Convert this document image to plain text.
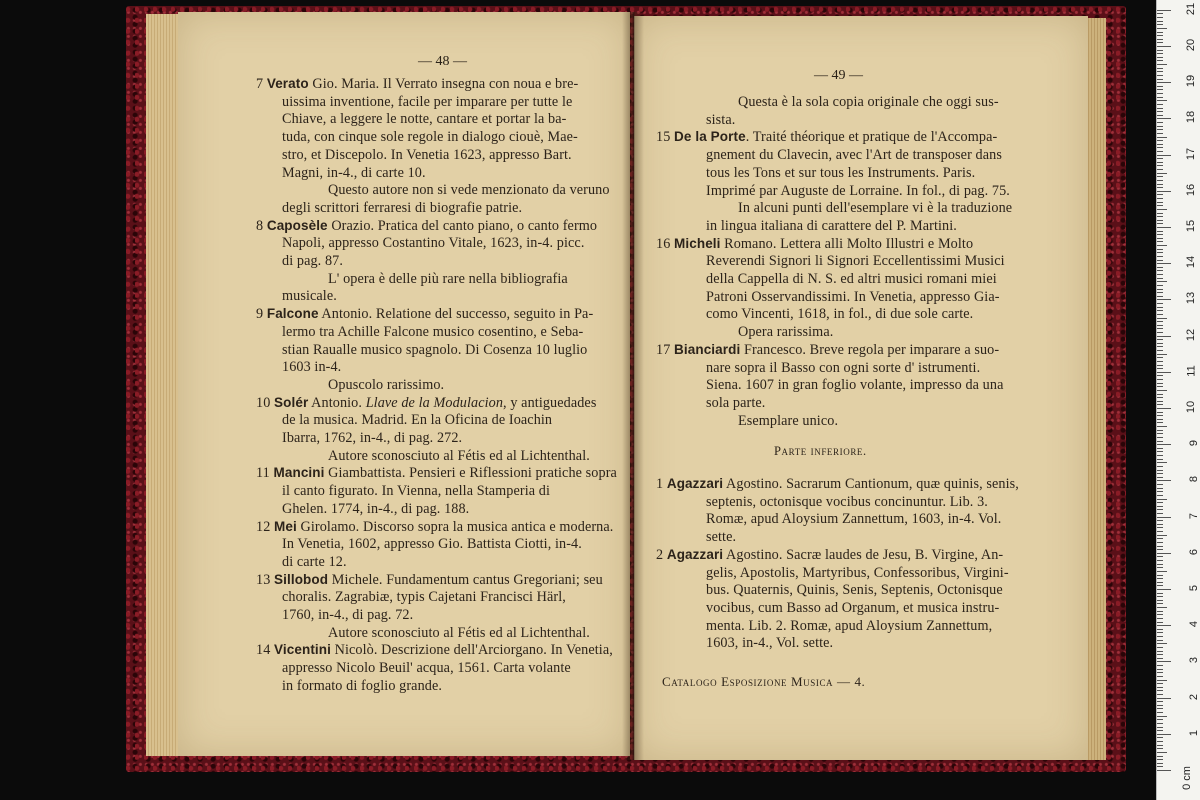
— 48 —
7 Verato Gio. Maria. Il Verrato insegna con noua e bre-
uissima inventione, facile per imparare per tutte le
Chiave, a leggere le notte, cantare et portar la ba-
tuda, con cinque sole regole in dialogo ciouè, Mae-
stro, et Discepolo. In Venetia 1623, appresso Bart.
Magni, in-4., di carte 10.
Questo autore non si vede menzionato da veruno
degli scrittori ferraresi di biografie patrie.
8 Caposèle Orazio. Pratica del canto piano, o canto fermo
Napoli, appresso Costantino Vitale, 1623, in-4. picc.
di pag. 87.
L' opera è delle più rare nella bibliografia
musicale.
9 Falcone Antonio. Relatione del successo, seguito in Pa-
lermo tra Achille Falcone musico cosentino, e Seba-
stian Raualle musico spagnolo. Di Cosenza 10 luglio
1603 in-4.
Opuscolo rarissimo.
10 Solér Antonio. Llave de la Modulacion, y antiguedades
de la musica. Madrid. En la Oficina de Ioachin
Ibarra, 1762, in-4., di pag. 272.
Autore sconosciuto al Fétis ed al Lichtenthal.
11 Mancini Giambattista. Pensieri e Riflessioni pratiche sopra
il canto figurato. In Vienna, nella Stamperia di
Ghelen. 1774, in-4., di pag. 188.
12 Mei Girolamo. Discorso sopra la musica antica e moderna.
In Venetia, 1602, appresso Gio. Battista Ciotti, in-4.
di carte 12.
13 Sillobod Michele. Fundamentum cantus Gregoriani; seu
choralis. Zagrabiæ, typis Cajetani Francisci Härl,
1760, in-4., di pag. 72.
Autore sconosciuto al Fétis ed al Lichtenthal.
14 Vicentini Nicolò. Descrizione dell'Arciorgano. In Venetia,
appresso Nicolo Beuil' acqua, 1561. Carta volante
in formato di foglio grande.
— 49 —
Questa è la sola copia originale che oggi sus-
sista.
15 De la Porte. Traité théorique et pratique de l'Accompa-
gnement du Clavecin, avec l'Art de transposer dans
tous les Tons et sur tous les Instruments. Paris.
Imprimé par Auguste de Lorraine. In fol., di pag. 75.
In alcuni punti dell'esemplare vi è la traduzione
in lingua italiana di carattere del P. Martini.
16 Micheli Romano. Lettera alli Molto Illustri e Molto
Reverendi Signori li Signori Eccellentissimi Musici
della Cappella di N. S. ed altri musici romani miei
Patroni Osservandissimi. In Venetia, appresso Gia-
como Vincenti, 1618, in fol., di due sole carte.
Opera rarissima.
17 Bianciardi Francesco. Breve regola per imparare a suo-
nare sopra il Basso con ogni sorte d' istrumenti.
Siena. 1607 in gran foglio volante, impresso da una
sola parte.
Esemplare unico.
Parte inferiore.
1 Agazzari Agostino. Sacrarum Cantionum, quæ quinis, senis,
septenis, octonisque vocibus concinuntur. Lib. 3.
Romæ, apud Aloysium Zannettum, 1603, in-4. Vol.
sette.
2 Agazzari Agostino. Sacræ laudes de Jesu, B. Virgine, An-
gelis, Apostolis, Martyribus, Confessoribus, Virgini-
bus. Quaternis, Quinis, Senis, Septenis, Octonisque
vocibus, cum Basso ad Organum, et musica instru-
menta. Lib. 2. Romæ, apud Aloysium Zannettum,
1603, in-4., Vol. sette.
Catalogo Esposizione Musica — 4.
1
2
3
4
5
6
7
8
9
10
11
12
13
14
15
16
17
18
19
20
21
0 cm
